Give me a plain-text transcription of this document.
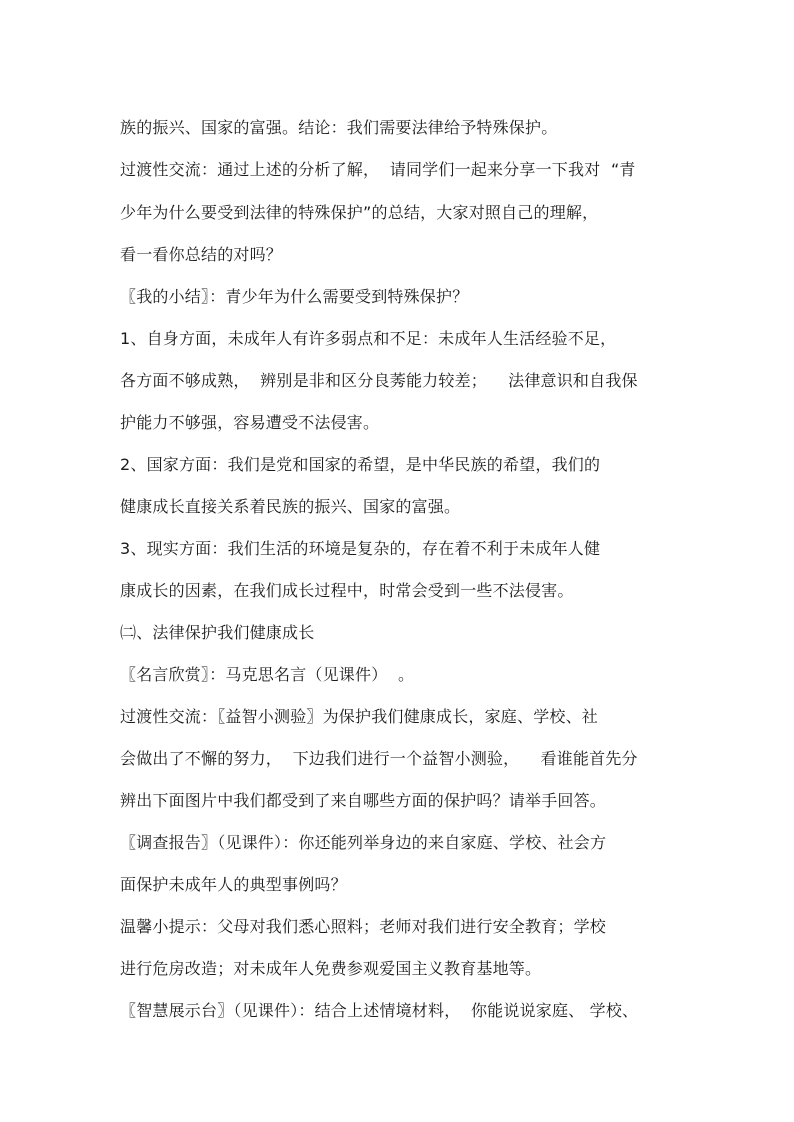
族的振兴、国家的富强。结论：我们需要法律给予特殊保护。
过渡性交流：通过上述的分析了解，  请同学们一起来分享一下我对  “青
少年为什么要受到法律的特殊保护”的总结，大家对照自己的理解，
看一看你总结的对吗？
〖我的小结〗：青少年为什么需要受到特殊保护？
1、自身方面，未成年人有许多弱点和不足：未成年人生活经验不足，
各方面不够成熟，  辨别是非和区分良莠能力较差；    法律意识和自我保
护能力不够强，容易遭受不法侵害。
2、国家方面：我们是党和国家的希望，是中华民族的希望，我们的
健康成长直接关系着民族的振兴、国家的富强。
3、现实方面：我们生活的环境是复杂的，存在着不利于未成年人健
康成长的因素，在我们成长过程中，时常会受到一些不法侵害。
㈡、法律保护我们健康成长
〖名言欣赏〗：马克思名言（见课件）  。
过渡性交流：〖益智小测验〗为保护我们健康成长，家庭、学校、社
会做出了不懈的努力，  下边我们进行一个益智小测验，    看谁能首先分
辨出下面图片中我们都受到了来自哪些方面的保护吗？请举手回答。
〖调查报告〗（见课件）：你还能列举身边的来自家庭、学校、社会方
面保护未成年人的典型事例吗？
温馨小提示：父母对我们悉心照料；老师对我们进行安全教育；学校
进行危房改造；对未成年人免费参观爱国主义教育基地等。
〖智慧展示台〗（见课件）：结合上述情境材料，  你能说说家庭、 学校、
